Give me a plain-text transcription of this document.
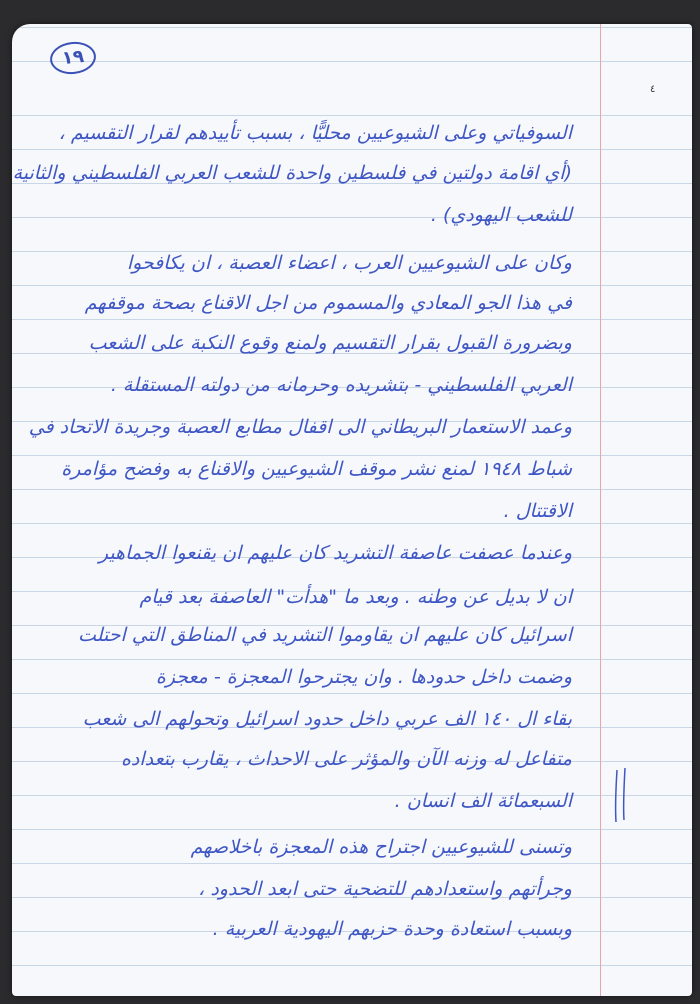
١٩
٤
السوفياتي وعلى الشيوعيين محليًّا ، بسبب تأييدهم لقرار التقسيم ،
(أي اقامة دولتين في فلسطين واحدة للشعب العربي الفلسطيني والثانية
للشعب اليهودي) .
وكان على الشيوعيين العرب ، اعضاء العصبة ، ان يكافحوا
في هذا الجو المعادي والمسموم من اجل الاقناع بصحة موقفهم
وبضرورة القبول بقرار التقسيم ولمنع وقوع النكبة على الشعب
العربي الفلسطيني - بتشريده وحرمانه من دولته المستقلة .
وعمد الاستعمار البريطاني الى اقفال مطابع العصبة وجريدة الاتحاد في
شباط ١٩٤٨ لمنع نشر موقف الشيوعيين والاقناع به وفضح مؤامرة
الاقتتال .
وعندما عصفت عاصفة التشريد كان عليهم ان يقنعوا الجماهير
ان لا بديل عن وطنه . وبعد ما "هدأت" العاصفة بعد قيام
اسرائيل كان عليهم ان يقاوموا التشريد في المناطق التي احتلت
وضمت داخل حدودها . وان يجترحوا المعجزة - معجزة
بقاء ال ١٤٠ الف عربي داخل حدود اسرائيل وتحولهم الى شعب
متفاعل له وزنه الآن والمؤثر على الاحداث ، يقارب بتعداده
السبعمائة الف انسان .
وتسنى للشيوعيين اجتراح هذه المعجزة باخلاصهم
وجرأتهم واستعدادهم للتضحية حتى ابعد الحدود ،
وبسبب استعادة وحدة حزبهم اليهودية العربية .
